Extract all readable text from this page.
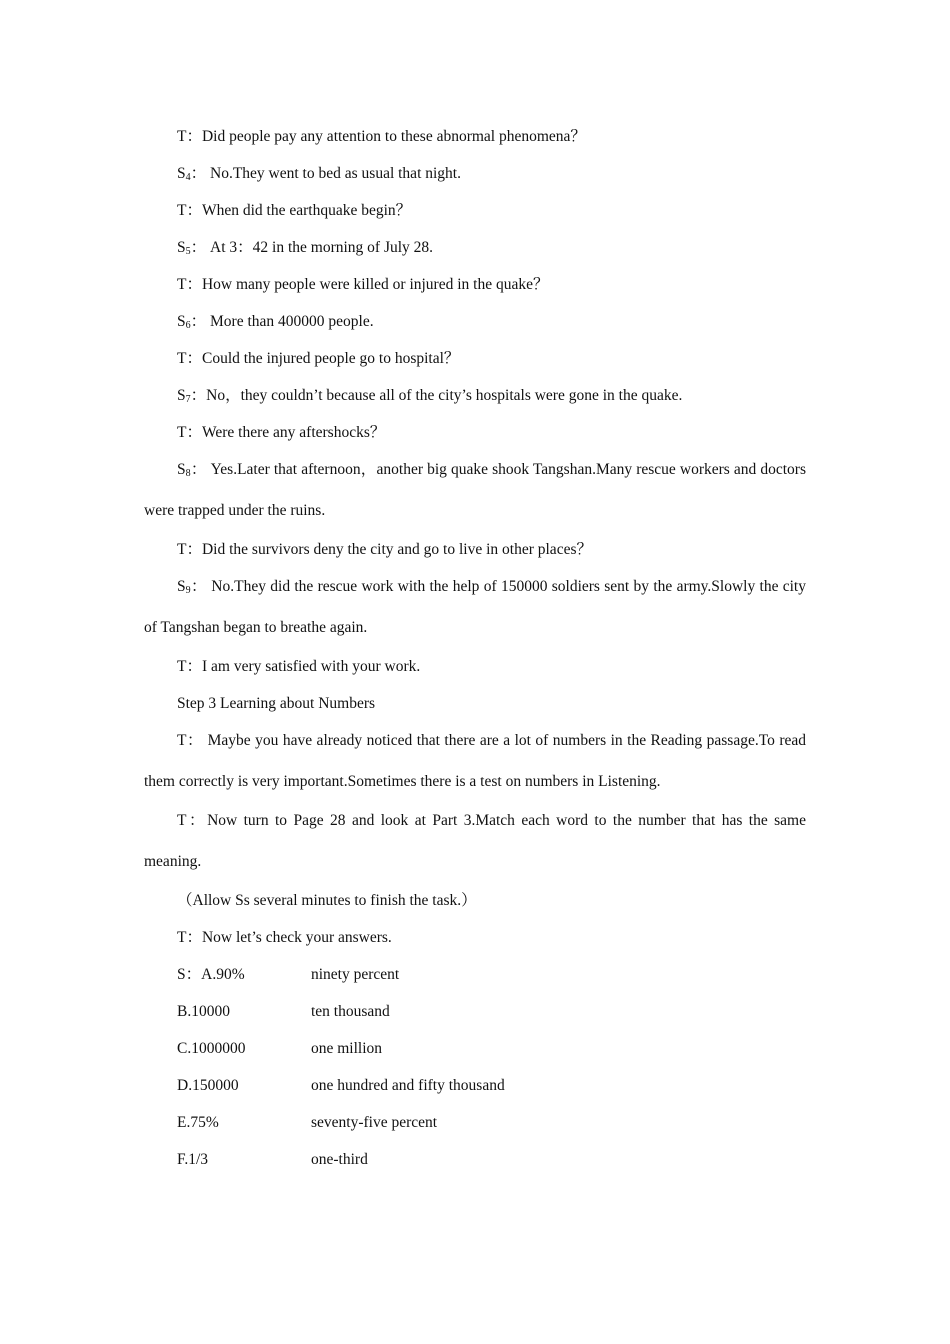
T：Did people pay any attention to these abnormal phenomena？

$S_4$： No.They went to bed as usual that night.

T：When did the earthquake begin？

$S_5$： At 3：42 in the morning of July 28.

T：How many people were killed or injured in the quake？

$S_6$： More than 400000 people.

T：Could the injured people go to hospital？

$S_7$：No，they couldn’t because all of the city’s hospitals were gone in the quake.

T：Were there any aftershocks？

$S_8$： Yes.Later that afternoon，another big quake shook Tangshan.Many rescue workers and doctors were trapped under the ruins.

T：Did the survivors deny the city and go to live in other places？

$S_9$： No.They did the rescue work with the help of 150000 soldiers sent by the army.Slowly the city of Tangshan began to breathe again.

T：I am very satisfied with your work.

Step 3 Learning about Numbers

T： Maybe you have already noticed that there are a lot of numbers in the Reading passage.To read them correctly is very important.Sometimes there is a test on numbers in Listening.

T：Now turn to Page 28 and look at Part 3.Match each word to the number that has the same meaning.

（Allow Ss several minutes to finish the task.）

T：Now let’s check your answers.

S：A.90%	ninety percent
B.10000	ten thousand
C.1000000	one million
D.150000	one hundred and fifty thousand
E.75%	seventy-five percent
F.1/3	one-third
